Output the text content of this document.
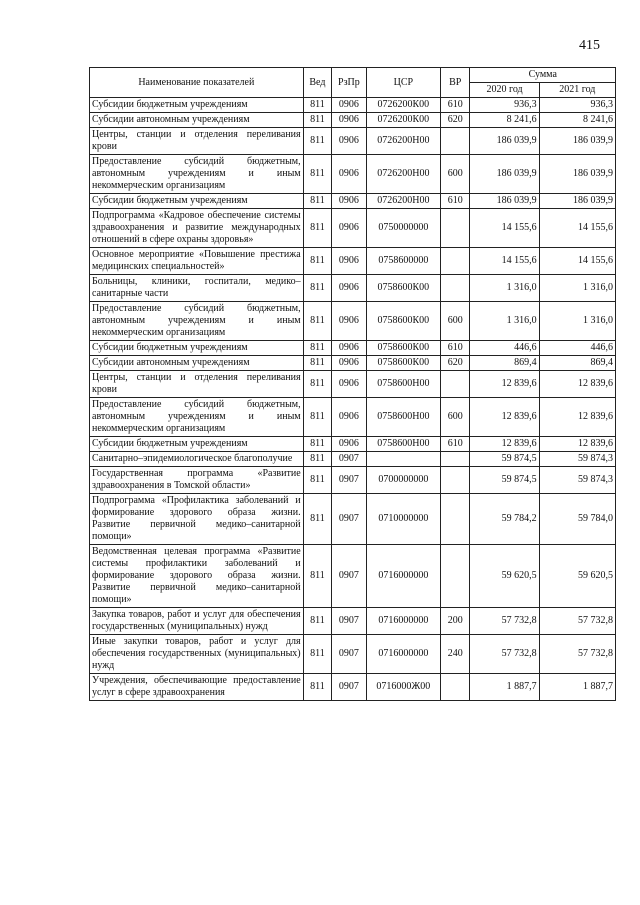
415
Наименование показателей	Вед	РзПр	ЦСР	ВР	Сумма	
					2020 год	2021 год
Субсидии бюджетным учреждениям	811	0906	0726200К00	610	936,3	936,3
Субсидии автономным учреждениям	811	0906	0726200К00	620	8 241,6	8 241,6
Центры, станции и отделения переливания крови	811	0906	0726200Н00		186 039,9	186 039,9
Предоставление субсидий бюджетным, автономным учреждениям и иным некоммерческим организациям	811	0906	0726200Н00	600	186 039,9	186 039,9
Субсидии бюджетным учреждениям	811	0906	0726200Н00	610	186 039,9	186 039,9
Подпрограмма «Кадровое обеспечение системы здравоохранения и развитие международных отношений в сфере охраны здоровья»	811	0906	0750000000		14 155,6	14 155,6
Основное мероприятие «Повышение престижа медицинских специальностей»	811	0906	0758600000		14 155,6	14 155,6
Больницы, клиники, госпитали, медико–санитарные части	811	0906	0758600К00		1 316,0	1 316,0
Предоставление субсидий бюджетным, автономным учреждениям и иным некоммерческим организациям	811	0906	0758600К00	600	1 316,0	1 316,0
Субсидии бюджетным учреждениям	811	0906	0758600К00	610	446,6	446,6
Субсидии автономным учреждениям	811	0906	0758600К00	620	869,4	869,4
Центры, станции и отделения переливания крови	811	0906	0758600Н00		12 839,6	12 839,6
Предоставление субсидий бюджетным, автономным учреждениям и иным некоммерческим организациям	811	0906	0758600Н00	600	12 839,6	12 839,6
Субсидии бюджетным учреждениям	811	0906	0758600Н00	610	12 839,6	12 839,6
Санитарно–эпидемиологическое благополучие	811	0907			59 874,5	59 874,3
Государственная программа «Развитие здравоохранения в Томской области»	811	0907	0700000000		59 874,5	59 874,3
Подпрограмма «Профилактика заболеваний и формирование здорового образа жизни. Развитие первичной медико–санитарной помощи»	811	0907	0710000000		59 784,2	59 784,0
Ведомственная целевая программа «Развитие системы профилактики заболеваний и формирование здорового образа жизни. Развитие первичной медико–санитарной помощи»	811	0907	0716000000		59 620,5	59 620,5
Закупка товаров, работ и услуг для обеспечения государственных (муниципальных) нужд	811	0907	0716000000	200	57 732,8	57 732,8
Иные закупки товаров, работ и услуг для обеспечения государственных (муниципальных) нужд	811	0907	0716000000	240	57 732,8	57 732,8
Учреждения, обеспечивающие предоставление услуг в сфере здравоохранения	811	0907	0716000Ж00		1 887,7	1 887,7
